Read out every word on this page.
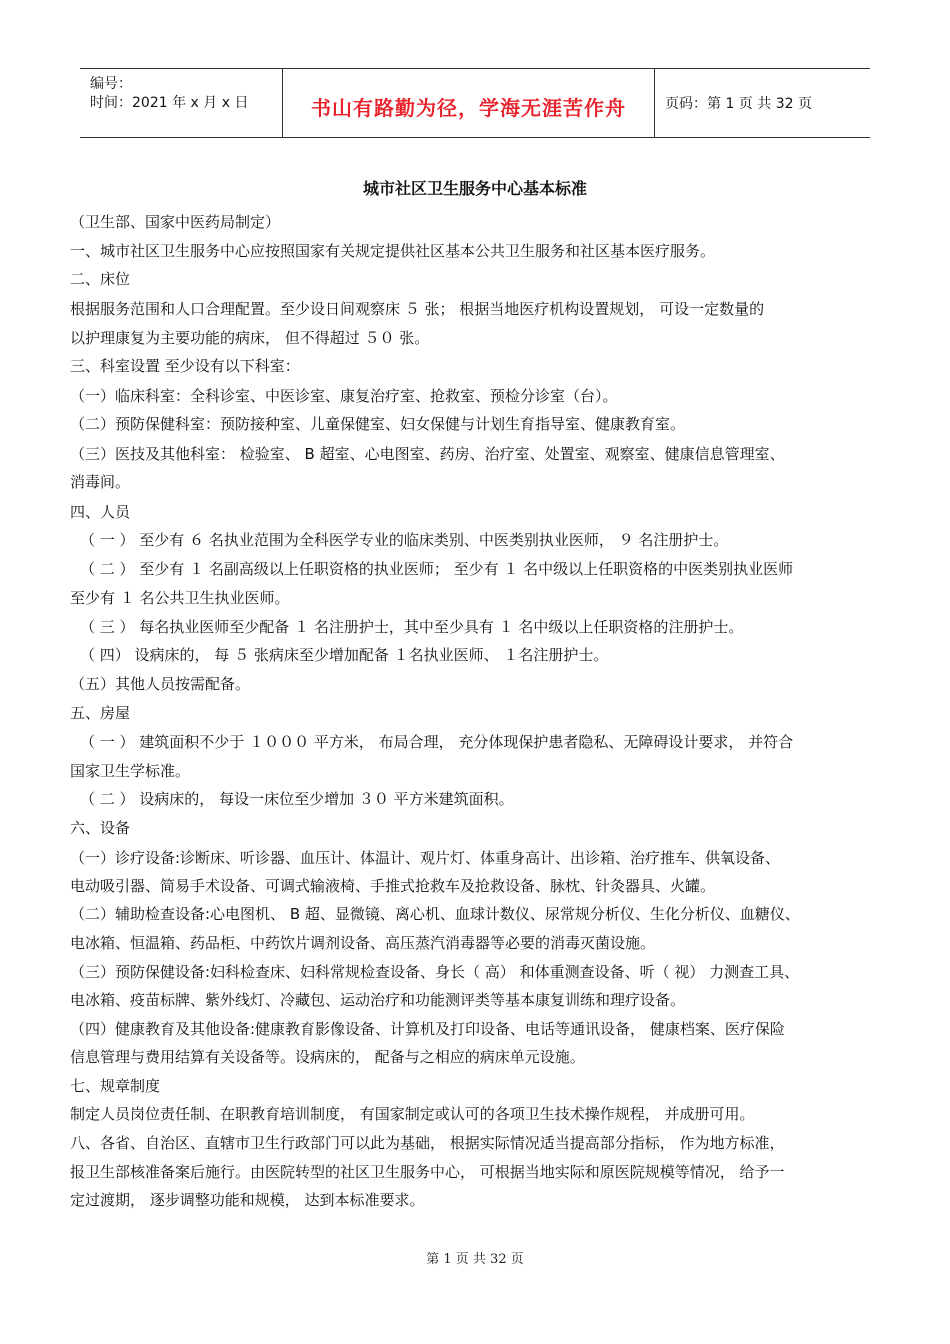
编号：
时间：2021 年 x 月 x 日	书山有路勤为径，学海无涯苦作舟	页码：第 1 页 共 32 页
城市社区卫生服务中心基本标准
（卫生部、国家中医药局制定）
一、城市社区卫生服务中心应按照国家有关规定提供社区基本公共卫生服务和社区基本医疗服务。
二、床位
根据服务范围和人口合理配置。至少设日间观察床 ５ 张； 根据当地医疗机构设置规划， 可设一定数量的
以护理康复为主要功能的病床， 但不得超过 ５０ 张。
三、科室设置 至少设有以下科室：
（一）临床科室：全科诊室、中医诊室、康复治疗室、抢救室、预检分诊室（台）。
（二）预防保健科室：预防接种室、儿童保健室、妇女保健与计划生育指导室、健康教育室。
（三）医技及其他科室： 检验室、 B 超室、心电图室、药房、治疗室、处置室、观察室、健康信息管理室、
消毒间。
四、人员
（ 一 ） 至少有 ６ 名执业范围为全科医学专业的临床类别、中医类别执业医师， ９ 名注册护士。
（ 二 ） 至少有 １ 名副高级以上任职资格的执业医师； 至少有 １ 名中级以上任职资格的中医类别执业医师
至少有 １ 名公共卫生执业医师。
（ 三 ） 每名执业医师至少配备 １ 名注册护士，其中至少具有 １ 名中级以上任职资格的注册护士。
（ 四） 设病床的， 每 ５ 张病床至少增加配备 １名执业医师、 １名注册护士。
（五）其他人员按需配备。
五、房屋
（ 一 ） 建筑面积不少于 １０００ 平方米， 布局合理， 充分体现保护患者隐私、无障碍设计要求， 并符合
国家卫生学标准。
（ 二 ） 设病床的， 每设一床位至少增加 ３０ 平方米建筑面积。
六、设备
（一）诊疗设备:诊断床、听诊器、血压计、体温计、观片灯、体重身高计、出诊箱、治疗推车、供氧设备、
电动吸引器、简易手术设备、可调式输液椅、手推式抢救车及抢救设备、脉枕、针灸器具、火罐。
（二）辅助检查设备:心电图机、 B 超、显微镜、离心机、血球计数仪、尿常规分析仪、生化分析仪、血糖仪、
电冰箱、恒温箱、药品柜、中药饮片调剂设备、高压蒸汽消毒器等必要的消毒灭菌设施。
（三）预防保健设备:妇科检查床、妇科常规检查设备、身长（ 高） 和体重测查设备、听（ 视） 力测查工具、
电冰箱、疫苗标牌、紫外线灯、冷藏包、运动治疗和功能测评类等基本康复训练和理疗设备。
（四）健康教育及其他设备:健康教育影像设备、计算机及打印设备、电话等通讯设备， 健康档案、医疗保险
信息管理与费用结算有关设备等。设病床的， 配备与之相应的病床单元设施。
七、规章制度
制定人员岗位责任制、在职教育培训制度， 有国家制定或认可的各项卫生技术操作规程， 并成册可用。
八、各省、自治区、直辖市卫生行政部门可以此为基础， 根据实际情况适当提高部分指标， 作为地方标准，
报卫生部核准备案后施行。由医院转型的社区卫生服务中心， 可根据当地实际和原医院规模等情况， 给予一
定过渡期， 逐步调整功能和规模， 达到本标准要求。
第 1 页 共 32 页
